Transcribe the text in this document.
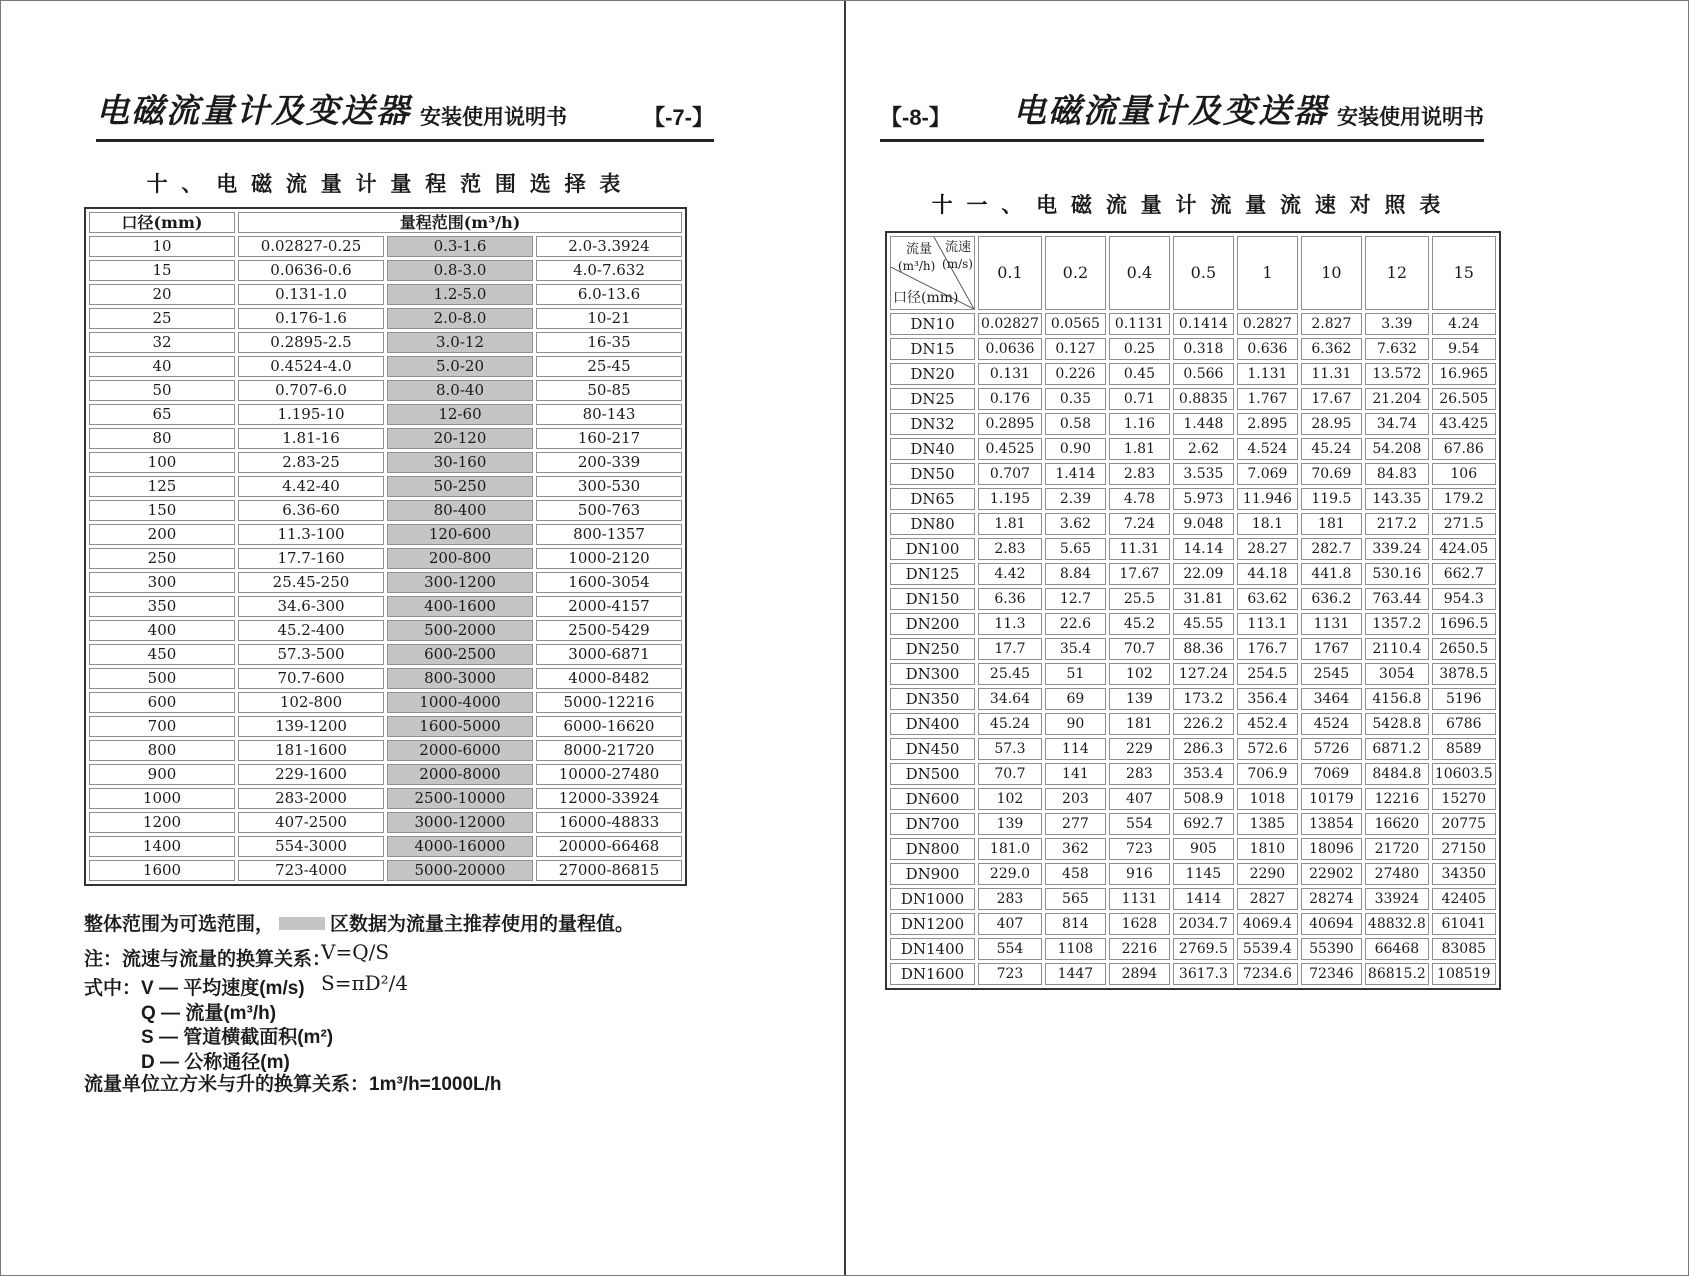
电磁流量计及变送器 安装使用说明书	【-7-】
十 、 电 磁 流 量 计 量 程 范 围 选 择 表
口径(mm)	量程范围(m³/h)		
10	0.02827-0.25	0.3-1.6	2.0-3.3924
15	0.0636-0.6	0.8-3.0	4.0-7.632
20	0.131-1.0	1.2-5.0	6.0-13.6
25	0.176-1.6	2.0-8.0	10-21
32	0.2895-2.5	3.0-12	16-35
40	0.4524-4.0	5.0-20	25-45
50	0.707-6.0	8.0-40	50-85
65	1.195-10	12-60	80-143
80	1.81-16	20-120	160-217
100	2.83-25	30-160	200-339
125	4.42-40	50-250	300-530
150	6.36-60	80-400	500-763
200	11.3-100	120-600	800-1357
250	17.7-160	200-800	1000-2120
300	25.45-250	300-1200	1600-3054
350	34.6-300	400-1600	2000-4157
400	45.2-400	500-2000	2500-5429
450	57.3-500	600-2500	3000-6871
500	70.7-600	800-3000	4000-8482
600	102-800	1000-4000	5000-12216
700	139-1200	1600-5000	6000-16620
800	181-1600	2000-6000	8000-21720
900	229-1600	2000-8000	10000-27480
1000	283-2000	2500-10000	12000-33924
1200	407-2500	3000-12000	16000-48833
1400	554-3000	4000-16000	20000-66468
1600	723-4000	5000-20000	27000-86815
整体范围为可选范围，	区数据为流量主推荐使用的量程值。
注：流速与流量的换算关系：
V=Q/S
S=πD²/4
式中：V — 平均速度(m/s)
Q — 流量(m³/h)
S — 管道横截面积(m²)
D — 公称通径(m)
流量单位立方米与升的换算关系：1m³/h=1000L/h
【-8-】 电磁流量计及变送器 安装使用说明书
十 一 、 电 磁 流 量 计 流 量 流 速 对 照 表
流量
(m³/h)
流速
(m/s)
口径(mm)	0.1	0.2	0.4	0.5	1	10	12	15
DN10	0.02827	0.0565	0.1131	0.1414	0.2827	2.827	3.39	4.24
DN15	0.0636	0.127	0.25	0.318	0.636	6.362	7.632	9.54
DN20	0.131	0.226	0.45	0.566	1.131	11.31	13.572	16.965
DN25	0.176	0.35	0.71	0.8835	1.767	17.67	21.204	26.505
DN32	0.2895	0.58	1.16	1.448	2.895	28.95	34.74	43.425
DN40	0.4525	0.90	1.81	2.62	4.524	45.24	54.208	67.86
DN50	0.707	1.414	2.83	3.535	7.069	70.69	84.83	106
DN65	1.195	2.39	4.78	5.973	11.946	119.5	143.35	179.2
DN80	1.81	3.62	7.24	9.048	18.1	181	217.2	271.5
DN100	2.83	5.65	11.31	14.14	28.27	282.7	339.24	424.05
DN125	4.42	8.84	17.67	22.09	44.18	441.8	530.16	662.7
DN150	6.36	12.7	25.5	31.81	63.62	636.2	763.44	954.3
DN200	11.3	22.6	45.2	45.55	113.1	1131	1357.2	1696.5
DN250	17.7	35.4	70.7	88.36	176.7	1767	2110.4	2650.5
DN300	25.45	51	102	127.24	254.5	2545	3054	3878.5
DN350	34.64	69	139	173.2	356.4	3464	4156.8	5196
DN400	45.24	90	181	226.2	452.4	4524	5428.8	6786
DN450	57.3	114	229	286.3	572.6	5726	6871.2	8589
DN500	70.7	141	283	353.4	706.9	7069	8484.8	10603.5
DN600	102	203	407	508.9	1018	10179	12216	15270
DN700	139	277	554	692.7	1385	13854	16620	20775
DN800	181.0	362	723	905	1810	18096	21720	27150
DN900	229.0	458	916	1145	2290	22902	27480	34350
DN1000	283	565	1131	1414	2827	28274	33924	42405
DN1200	407	814	1628	2034.7	4069.4	40694	48832.8	61041
DN1400	554	1108	2216	2769.5	5539.4	55390	66468	83085
DN1600	723	1447	2894	3617.3	7234.6	72346	86815.2	108519
